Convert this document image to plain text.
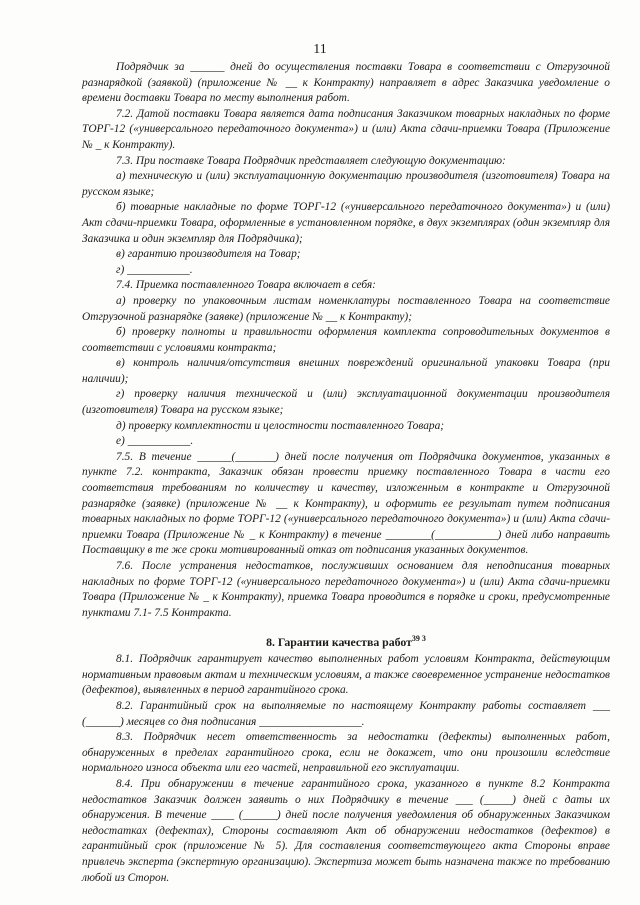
11

Подрядчик за ______ дней до осуществления поставки Товара в соответствии с Отгрузочной разнарядкой (заявкой) (приложение № __ к Контракту) направляет в адрес Заказчика уведомление о времени доставки Товара по месту выполнения работ.

7.2. Датой поставки Товара является дата подписания Заказчиком товарных накладных по форме ТОРГ-12 («универсального передаточного документа») и (или) Акта сдачи-приемки Товара (Приложение № _ к Контракту).

7.3. При поставке Товара Подрядчик представляет следующую документацию:

а) техническую и (или) эксплуатационную документацию производителя (изготовителя) Товара на русском языке;

б) товарные накладные по форме ТОРГ-12 («универсального передаточного документа») и (или) Акт сдачи-приемки Товара, оформленные в установленном порядке, в двух экземплярах (один экземпляр для Заказчика и один экземпляр для Подрядчика);

в) гарантию производителя на Товар;

г) ___________.

7.4. Приемка поставленного Товара включает в себя:

а) проверку по упаковочным листам номенклатуры поставленного Товара на соответствие Отгрузочной разнарядке (заявке) (приложение № __ к Контракту);

б) проверку полноты и правильности оформления комплекта сопроводительных документов в соответствии с условиями контракта;

в) контроль наличия/отсутствия внешних повреждений оригинальной упаковки Товара (при наличии);

г) проверку наличия технической и (или) эксплуатационной документации производителя (изготовителя) Товара на русском языке;

д) проверку комплектности и целостности поставленного Товара;

е) ___________.

7.5. В течение ______(_______) дней после получения от Подрядчика документов, указанных в пункте 7.2. контракта, Заказчик обязан провести приемку поставленного Товара в части его соответствия требованиям по количеству и качеству, изложенным в контракте и Отгрузочной разнарядке (заявке) (приложение № __ к Контракту), и оформить ее результат путем подписания товарных накладных по форме ТОРГ-12 («универсального передаточного документа») и (или) Акта сдачи-приемки Товара (Приложение № _ к Контракту) в течение ________(___________) дней либо направить Поставщику в те же сроки мотивированный отказ от подписания указанных документов.

7.6. После устранения недостатков, послуживших основанием для неподписания товарных накладных по форме ТОРГ-12 («универсального передаточного документа») и (или) Акта сдачи-приемки Товара (Приложение № _ к Контракту), приемка Товара проводится в порядке и сроки, предусмотренные пунктами 7.1- 7.5 Контракта.

8. Гарантии качества работ$^{39 3}$

8.1. Подрядчик гарантирует качество выполненных работ условиям Контракта, действующим нормативным правовым актам и техническим условиям, а также своевременное устранение недостатков (дефектов), выявленных в период гарантийного срока.

8.2. Гарантийный срок на выполняемые по настоящему Контракту работы составляет ___ (______) месяцев со дня подписания __________________.

8.3. Подрядчик несет ответственность за недостатки (дефекты) выполненных работ, обнаруженных в пределах гарантийного срока, если не докажет, что они произошли вследствие нормального износа объекта или его частей, неправильной его эксплуатации.

8.4. При обнаружении в течение гарантийного срока, указанного в пункте 8.2 Контракта недостатков Заказчик должен заявить о них Подрядчику в течение ___ (_____) дней с даты их обнаружения. В течение ____ (______) дней после получения уведомления об обнаруженных Заказчиком недостатках (дефектах), Стороны составляют Акт об обнаружении недостатков (дефектов) в гарантийный срок (приложение № 5). Для составления соответствующего акта Стороны вправе привлечь эксперта (экспертную организацию). Экспертиза может быть назначена также по требованию любой из Сторон.
